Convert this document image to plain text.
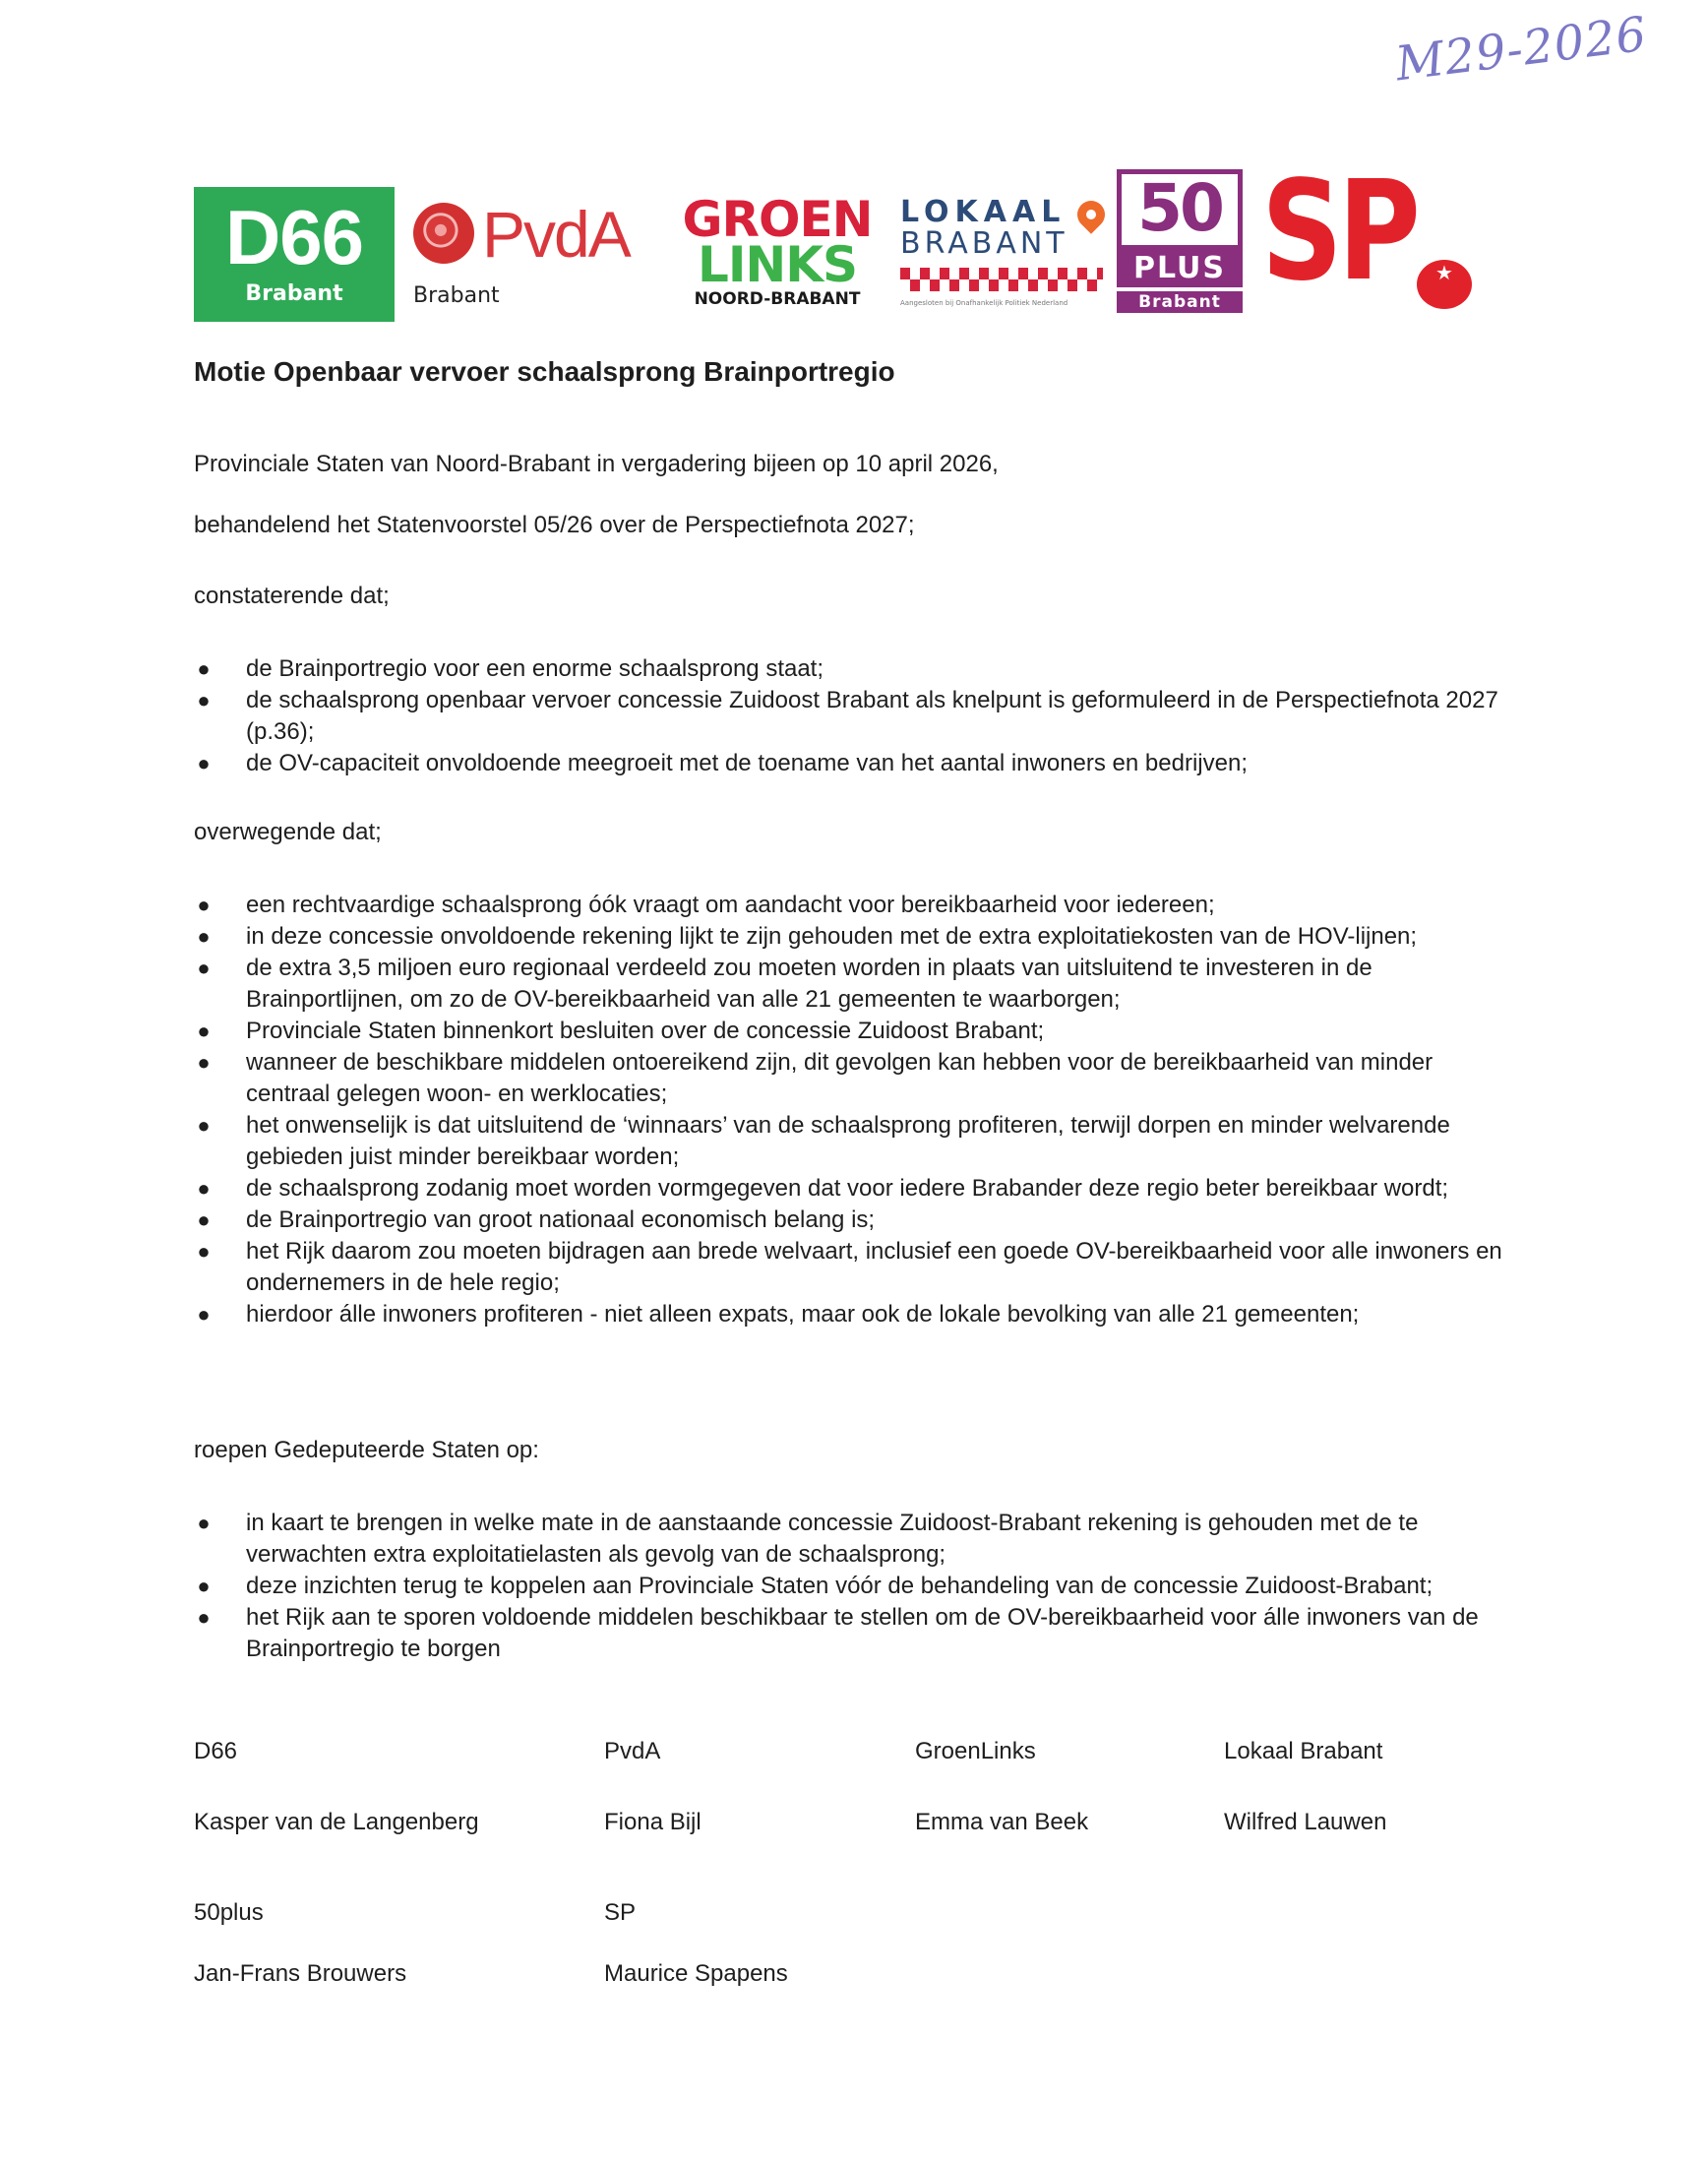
M29-2026
D66
Brabant
PvdA
Brabant
GROEN
LINKS
NOORD-BRABANT
LOKAAL
BRABANT
Aangesloten bij Onafhankelijk Politiek Nederland
50
PLUS
Brabant SP	★
Motie Openbaar vervoer schaalsprong Brainportregio
Provinciale Staten van Noord-Brabant in vergadering bijeen op 10 april 2026,
behandelend het Statenvoorstel 05/26 over de Perspectiefnota 2027;
constaterende dat;
● de Brainportregio voor een enorme schaalsprong staat;
● de schaalsprong openbaar vervoer concessie Zuidoost Brabant als knelpunt is geformuleerd in de Perspectiefnota 2027 (p.36);
● de OV-capaciteit onvoldoende meegroeit met de toename van het aantal inwoners en bedrijven;
overwegende dat;
● een rechtvaardige schaalsprong óók vraagt om aandacht voor bereikbaarheid voor iedereen;
● in deze concessie onvoldoende rekening lijkt te zijn gehouden met de extra exploitatiekosten van de HOV-lijnen;
● de extra 3,5 miljoen euro regionaal verdeeld zou moeten worden in plaats van uitsluitend te investeren in de Brainportlijnen, om zo de OV-bereikbaarheid van alle 21 gemeenten te waarborgen;
● Provinciale Staten binnenkort besluiten over de concessie Zuidoost Brabant;
● wanneer de beschikbare middelen ontoereikend zijn, dit gevolgen kan hebben voor de bereikbaarheid van minder centraal gelegen woon- en werklocaties;
● het onwenselijk is dat uitsluitend de ‘winnaars’ van de schaalsprong profiteren, terwijl dorpen en minder welvarende gebieden juist minder bereikbaar worden;
● de schaalsprong zodanig moet worden vormgegeven dat voor iedere Brabander deze regio beter bereikbaar wordt;
● de Brainportregio van groot nationaal economisch belang is;
● het Rijk daarom zou moeten bijdragen aan brede welvaart, inclusief een goede OV-bereikbaarheid voor alle inwoners en ondernemers in de hele regio;
● hierdoor álle inwoners profiteren - niet alleen expats, maar ook de lokale bevolking van alle 21 gemeenten;
roepen Gedeputeerde Staten op:
● in kaart te brengen in welke mate in de aanstaande concessie Zuidoost-Brabant rekening is gehouden met de te verwachten extra exploitatielasten als gevolg van de schaalsprong;
● deze inzichten terug te koppelen aan Provinciale Staten vóór de behandeling van de concessie Zuidoost-Brabant;
● het Rijk aan te sporen voldoende middelen beschikbaar te stellen om de OV-bereikbaarheid voor álle inwoners van de Brainportregio te borgen
D66
Kasper van de Langenberg
PvdA
Fiona Bijl
GroenLinks
Emma van Beek
Lokaal Brabant
Wilfred Lauwen
50plus
Jan-Frans Brouwers
SP
Maurice Spapens
